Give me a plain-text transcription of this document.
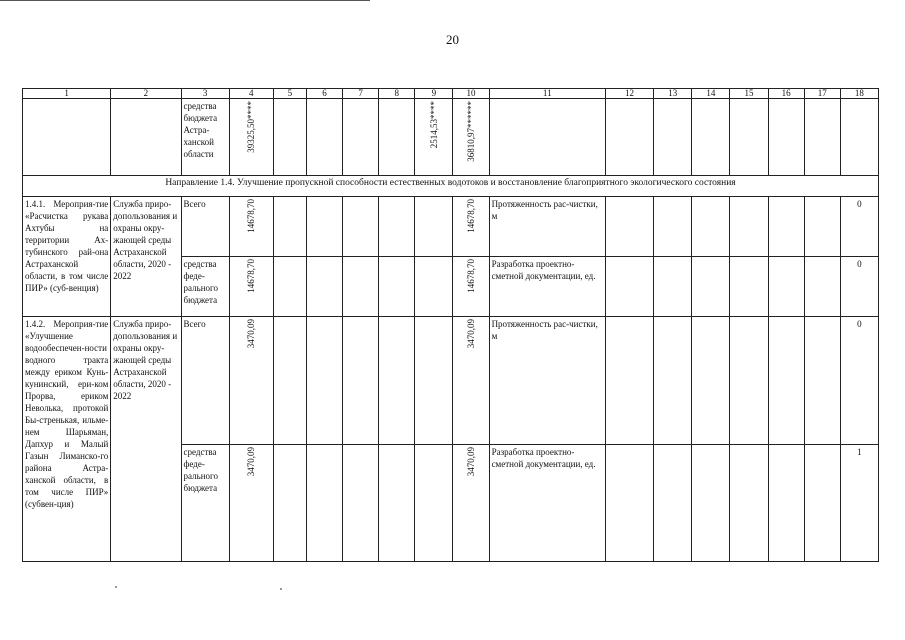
20
1	2	3	4	5	6	7	8	9	10	11	12	13	14	15	16	17	18
		средства бюджета Астра-ханской области	39325,50****					2514,53****	36810,97******								
Направление 1.4. Улучшение пропускной способности естественных водотоков и восстановление благоприятного экологического состояния																	
1.4.1. Мероприя-тие «Расчистка рукава Ахтубы на территории Ах-тубинского рай-она Астраханской области, в том числе ПИР» (суб-венция)	Служба приро-допользования и охраны окру-жающей среды Астраханской области, 2020 - 2022	Всего	14678,70						14678,70	Протяженность рас-чистки, м							0
		средства феде-рального бюджета	14678,70						14678,70	Разработка проектно-сметной документации, ед.							0
1.4.2. Мероприя-тие «Улучшение водообеспечен-ности водного тракта между ериком Кунь-кунинский, ери-ком Прорва, ериком Неволька, протокой Бы-стренькая, ильме-нем Шарьяман, Дапхур и Малый Газын Лиманско-го района Астра-ханской области, в том числе ПИР» (субвен-ция)	Служба приро-допользования и охраны окру-жающей среды Астраханской области, 2020 - 2022	Всего	3470,09						3470,09	Протяженность рас-чистки, м							0
		средства феде-рального бюджета	3470,09						3470,09	Разработка проектно-сметной документации, ед.							1
